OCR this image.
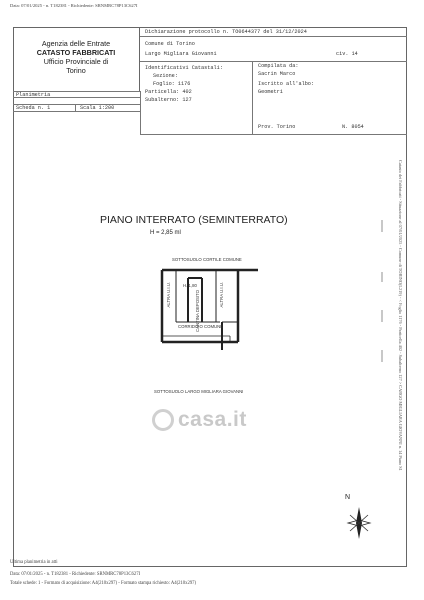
Data: 07/01/2025 - n. T182381 - Richiedente: SRNMRC78P13C627I
Agenzia delle Entrate
CATASTO FABBRICATI
Ufficio Provinciale di
Torino
Dichiarazione protocollo n. TO0644377 del 31/12/2024
Comune di Torino
Largo Migliara Giovanni	civ. 14
Identificativi Catastali:
Sezione:
Foglio: 1176
Particella: 402
Subalterno: 127
Compilata da:
Sacrin Marco
Iscritto all'albo:
Geometri
Prov. Torino	N. 8054
Planimetria
Scheda n. 1	Scala 1:200
PIANO INTERRATO (SEMINTERRATO)
H = 2,85 ml
SOTTOSUOLO CORTILE COMUNE
ALTRA U.I.U.	ALTRA U.I.U.
H. 1,80
CANTINA DEPOSITO
CORRIDOIO COMUNE
SOTTOSUOLO LARGO MIGLIARA GIOVANNI
casa.it
N
Catasto dei Fabbricati - Situazione al 07/01/2025 - Comune di TORINO(L219) - < Foglio 1176 - Particella 402 - Subalterno 127 > CARGO MIGLIARA GIOVANNI n. 14 Piano S1
Ultima planimetria in atti
Data: 07/01/2025 - n. T182381 - Richiedente: SRNMRC78P13C627I
Totale schede: 1 - Formato di acquisizione: A4(210x297) - Formato stampa richiesto: A4(210x297)
